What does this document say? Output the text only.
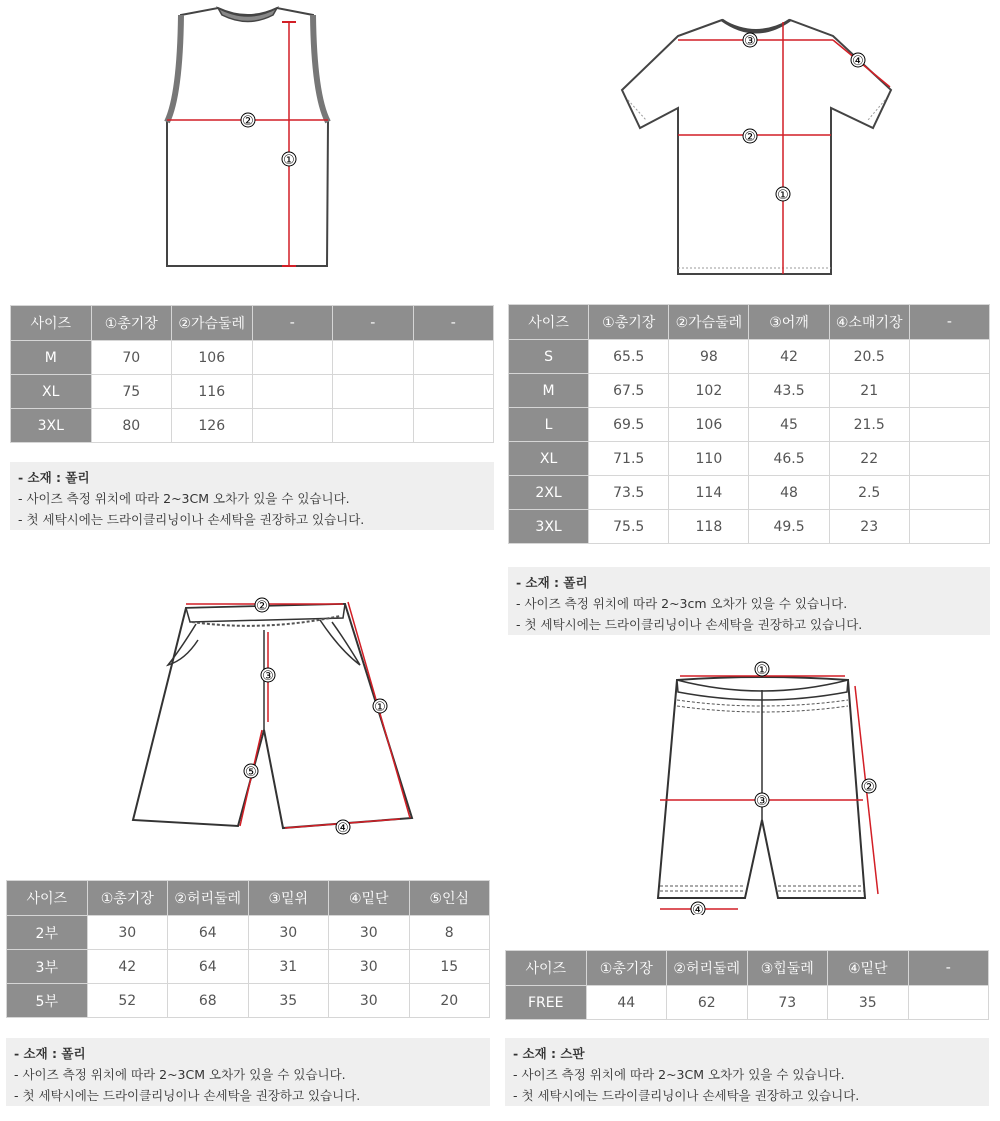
②
①
③
④
②
①
사이즈	①총기장	②가슴둘레	-	-	-
M	70	106			
XL	75	116			
3XL	80	126			
- 소재 : 폴리
- 사이즈 측정 위치에 따라 2~3CM 오차가 있을 수 있습니다.
- 첫 세탁시에는 드라이클리닝이나 손세탁을 권장하고 있습니다.
사이즈	①총기장	②가슴둘레	③어깨	④소매기장	-
S	65.5	98	42	20.5	
M	67.5	102	43.5	21	
L	69.5	106	45	21.5	
XL	71.5	110	46.5	22	
2XL	73.5	114	48	2.5	
3XL	75.5	118	49.5	23	
- 소재 : 폴리
- 사이즈 측정 위치에 따라 2~3cm 오차가 있을 수 있습니다.
- 첫 세탁시에는 드라이클리닝이나 손세탁을 권장하고 있습니다.
②
①
③
⑤
④
①
②
③
④
사이즈	①총기장	②허리둘레	③밑위	④밑단	⑤인심
2부	30	64	30	30	8
3부	42	64	31	30	15
5부	52	68	35	30	20
- 소재 : 폴리
- 사이즈 측정 위치에 따라 2~3CM 오차가 있을 수 있습니다.
- 첫 세탁시에는 드라이클리닝이나 손세탁을 권장하고 있습니다.
사이즈	①총기장	②허리둘레	③힙둘레	④밑단	-
FREE	44	62	73	35	
- 소재 : 스판
- 사이즈 측정 위치에 따라 2~3CM 오차가 있을 수 있습니다.
- 첫 세탁시에는 드라이클리닝이나 손세탁을 권장하고 있습니다.
